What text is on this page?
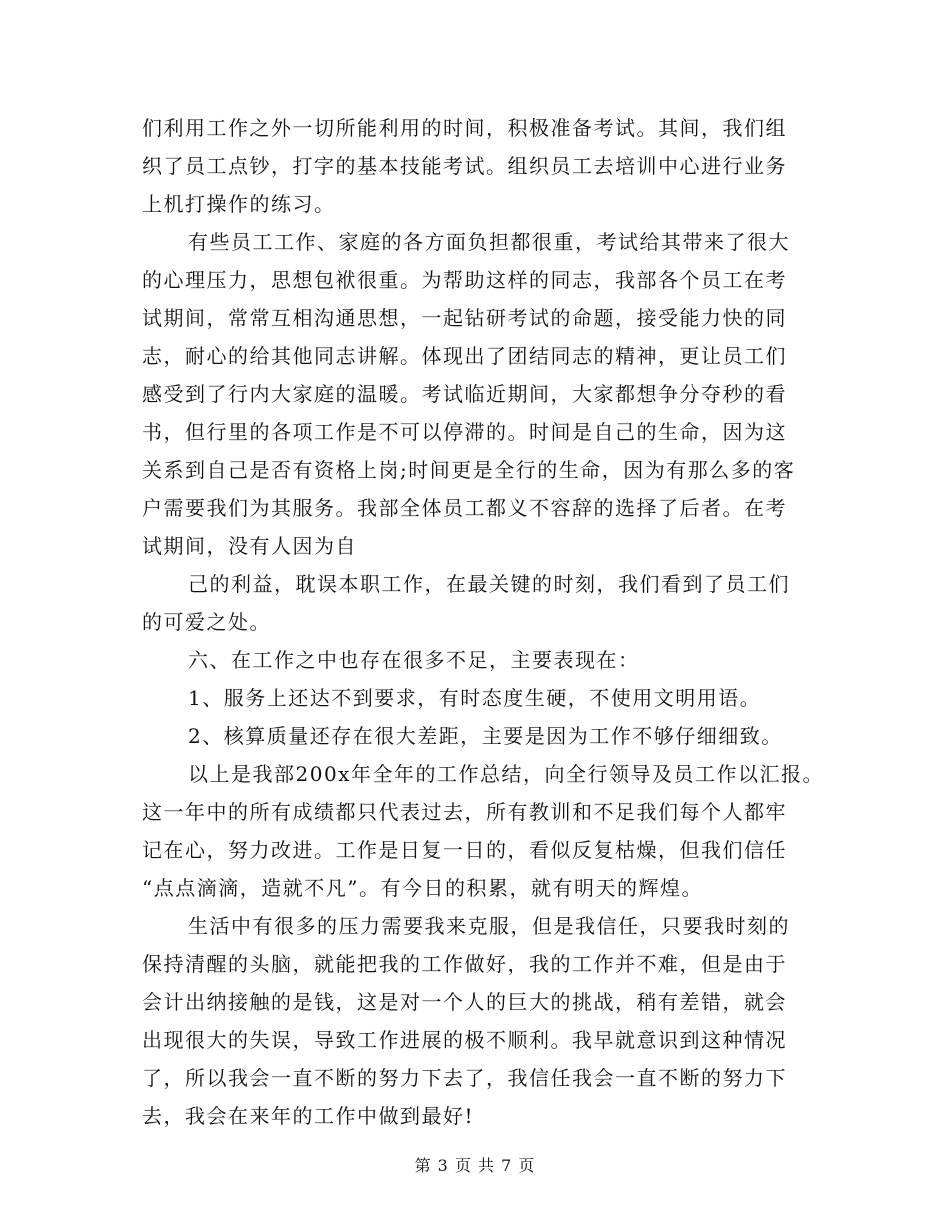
们利用工作之外一切所能利用的时间，积极准备考试。其间，我们组
织了员工点钞，打字的基本技能考试。组织员工去培训中心进行业务
上机打操作的练习。
有些员工工作、家庭的各方面负担都很重，考试给其带来了很大
的心理压力，思想包袱很重。为帮助这样的同志，我部各个员工在考
试期间，常常互相沟通思想，一起钻研考试的命题，接受能力快的同
志，耐心的给其他同志讲解。体现出了团结同志的精神，更让员工们
感受到了行内大家庭的温暖。考试临近期间，大家都想争分夺秒的看
书，但行里的各项工作是不可以停滞的。时间是自己的生命，因为这
关系到自己是否有资格上岗;时间更是全行的生命，因为有那么多的客
户需要我们为其服务。我部全体员工都义不容辞的选择了后者。在考
试期间，没有人因为自
己的利益，耽误本职工作，在最关键的时刻，我们看到了员工们
的可爱之处。
六、在工作之中也存在很多不足，主要表现在：
1、服务上还达不到要求，有时态度生硬，不使用文明用语。
2、核算质量还存在很大差距，主要是因为工作不够仔细细致。
以上是我部200x年全年的工作总结，向全行领导及员工作以汇报。
这一年中的所有成绩都只代表过去，所有教训和不足我们每个人都牢
记在心，努力改进。工作是日复一日的，看似反复枯燥，但我们信任
“点点滴滴，造就不凡”。有今日的积累，就有明天的辉煌。
生活中有很多的压力需要我来克服，但是我信任，只要我时刻的
保持清醒的头脑，就能把我的工作做好，我的工作并不难，但是由于
会计出纳接触的是钱，这是对一个人的巨大的挑战，稍有差错，就会
出现很大的失误，导致工作进展的极不顺利。我早就意识到这种情况
了，所以我会一直不断的努力下去了，我信任我会一直不断的努力下
去，我会在来年的工作中做到最好!
第 3 页 共 7 页
